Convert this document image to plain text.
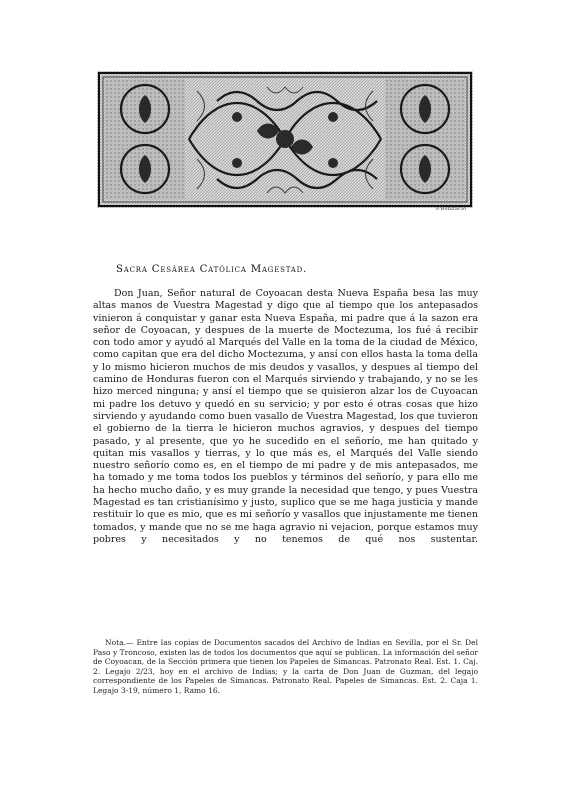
F.Bonifacio
Sacra Cesárea Católica Magestad.

Don Juan, Señor natural de Coyoacan desta Nueva España besa las muy altas manos de Vuestra Magestad y digo que al tiempo que los antepasados vinieron á conquistar y ganar esta Nueva España, mi padre que á la sazon era señor de Coyoacan, y despues de la muerte de Moctezuma, los fué á recibir con todo amor y ayudó al Marqués del Valle en la toma de la ciudad de México, como capitan que era del dicho Moctezuma, y ansí con ellos hasta la toma della y lo mismo hicieron muchos de mis deudos y vasallos, y despues al tiempo del camino de Honduras fueron con el Marqués sirviendo y trabajando, y no se les hizo merced ninguna; y ansí el tiempo que se quisieron alzar los de Cuyoacan mi padre los detuvo y quedó en su servicio; y por esto é otras cosas que hizo sirviendo y ayudando como buen vasallo de Vuestra Magestad, los que tuvieron el gobierno de la tierra le hicieron muchos agravios, y despues del tiempo pasado, y al presente, que yo he sucedido en el señorío, me han quitado y quitan mis vasallos y tierras, y lo que más es, el Marqués del Valle siendo nuestro señorío como es, en el tiempo de mi padre y de mis antepasados, me ha tomado y me toma todos los pueblos y términos del señorío, y para ello me ha hecho mucho daño, y es muy grande la necesidad que tengo, y pues Vuestra Magestad es tan cristianísimo y justo, suplico que se me haga justicia y mande restituir lo que es mio, que es mi señorío y vasallos que injustamente me tienen tomados, y mande que no se me haga agravio ni vejacion, porque estamos muy pobres y necesitados y no tenemos de qué nos sustentar.

Nota.— Entre las copias de Documentos sacados del Archivo de Indias en Sevilla, por el Sr. Del Paso y Troncoso, existen las de todos los documentos que aquí se publican. La información del señor de Coyoacan, de la Sección primera que tienen los Papeles de Simancas. Patronato Real. Est. 1. Caj. 2. Legajo 2/23, hoy en el archivo de Indias; y la carta de Don Juan de Guzman, del legajo correspondiente de los Papeles de Simancas. Patronato Real. Papeles de Simancas. Est. 2. Caja 1. Legajo 3-19, número 1, Ramo 16.
